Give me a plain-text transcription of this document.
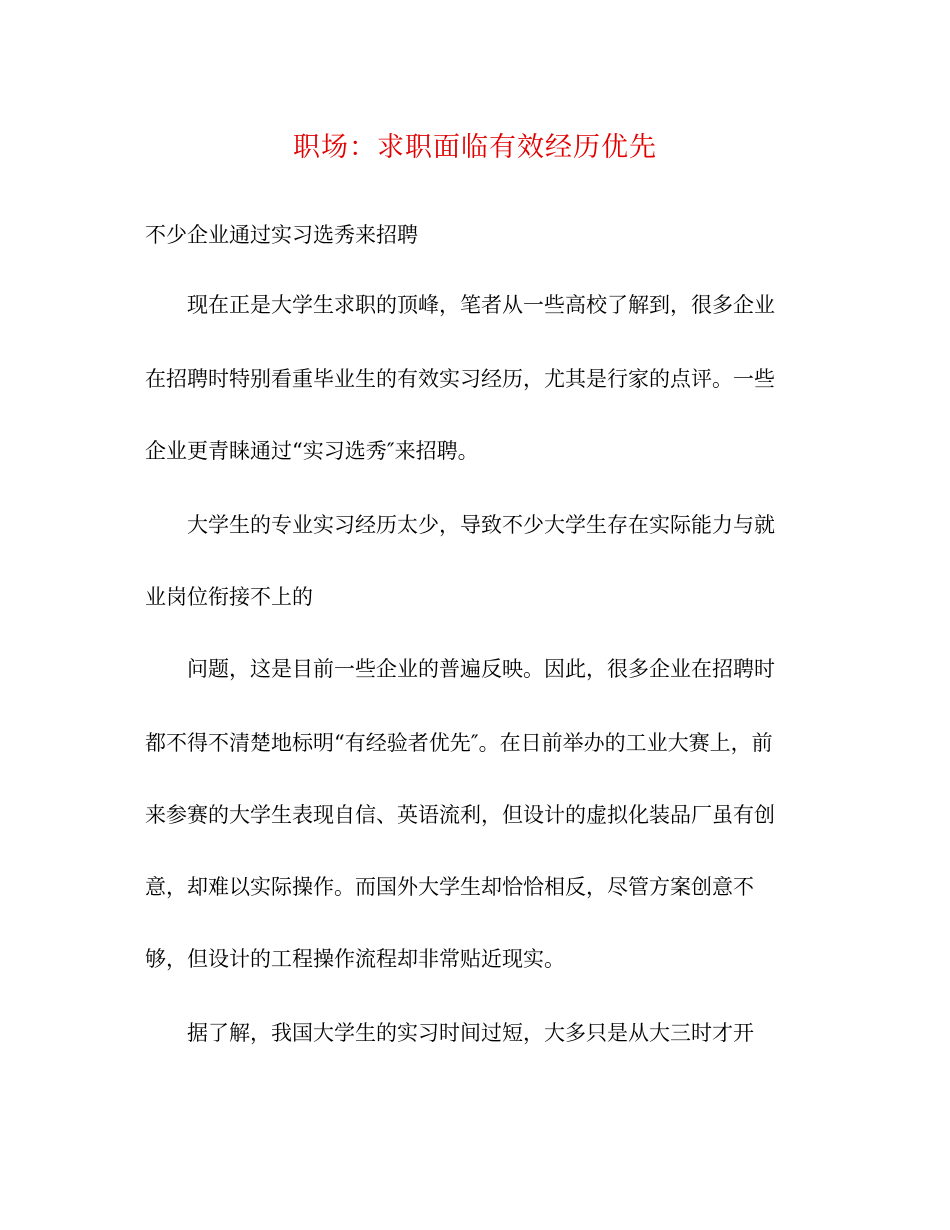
职场：求职面临有效经历优先
不少企业通过实习选秀来招聘
现在正是大学生求职的顶峰，笔者从一些高校了解到，很多企业
在招聘时特别看重毕业生的有效实习经历，尤其是行家的点评。一些
企业更青睐通过“实习选秀″来招聘。
大学生的专业实习经历太少，导致不少大学生存在实际能力与就
业岗位衔接不上的
问题，这是目前一些企业的普遍反映。因此，很多企业在招聘时
都不得不清楚地标明“有经验者优先″。在日前举办的工业大赛上，前
来参赛的大学生表现自信、英语流利，但设计的虚拟化装品厂虽有创
意，却难以实际操作。而国外大学生却恰恰相反，尽管方案创意不
够，但设计的工程操作流程却非常贴近现实。
据了解，我国大学生的实习时间过短，大多只是从大三时才开
